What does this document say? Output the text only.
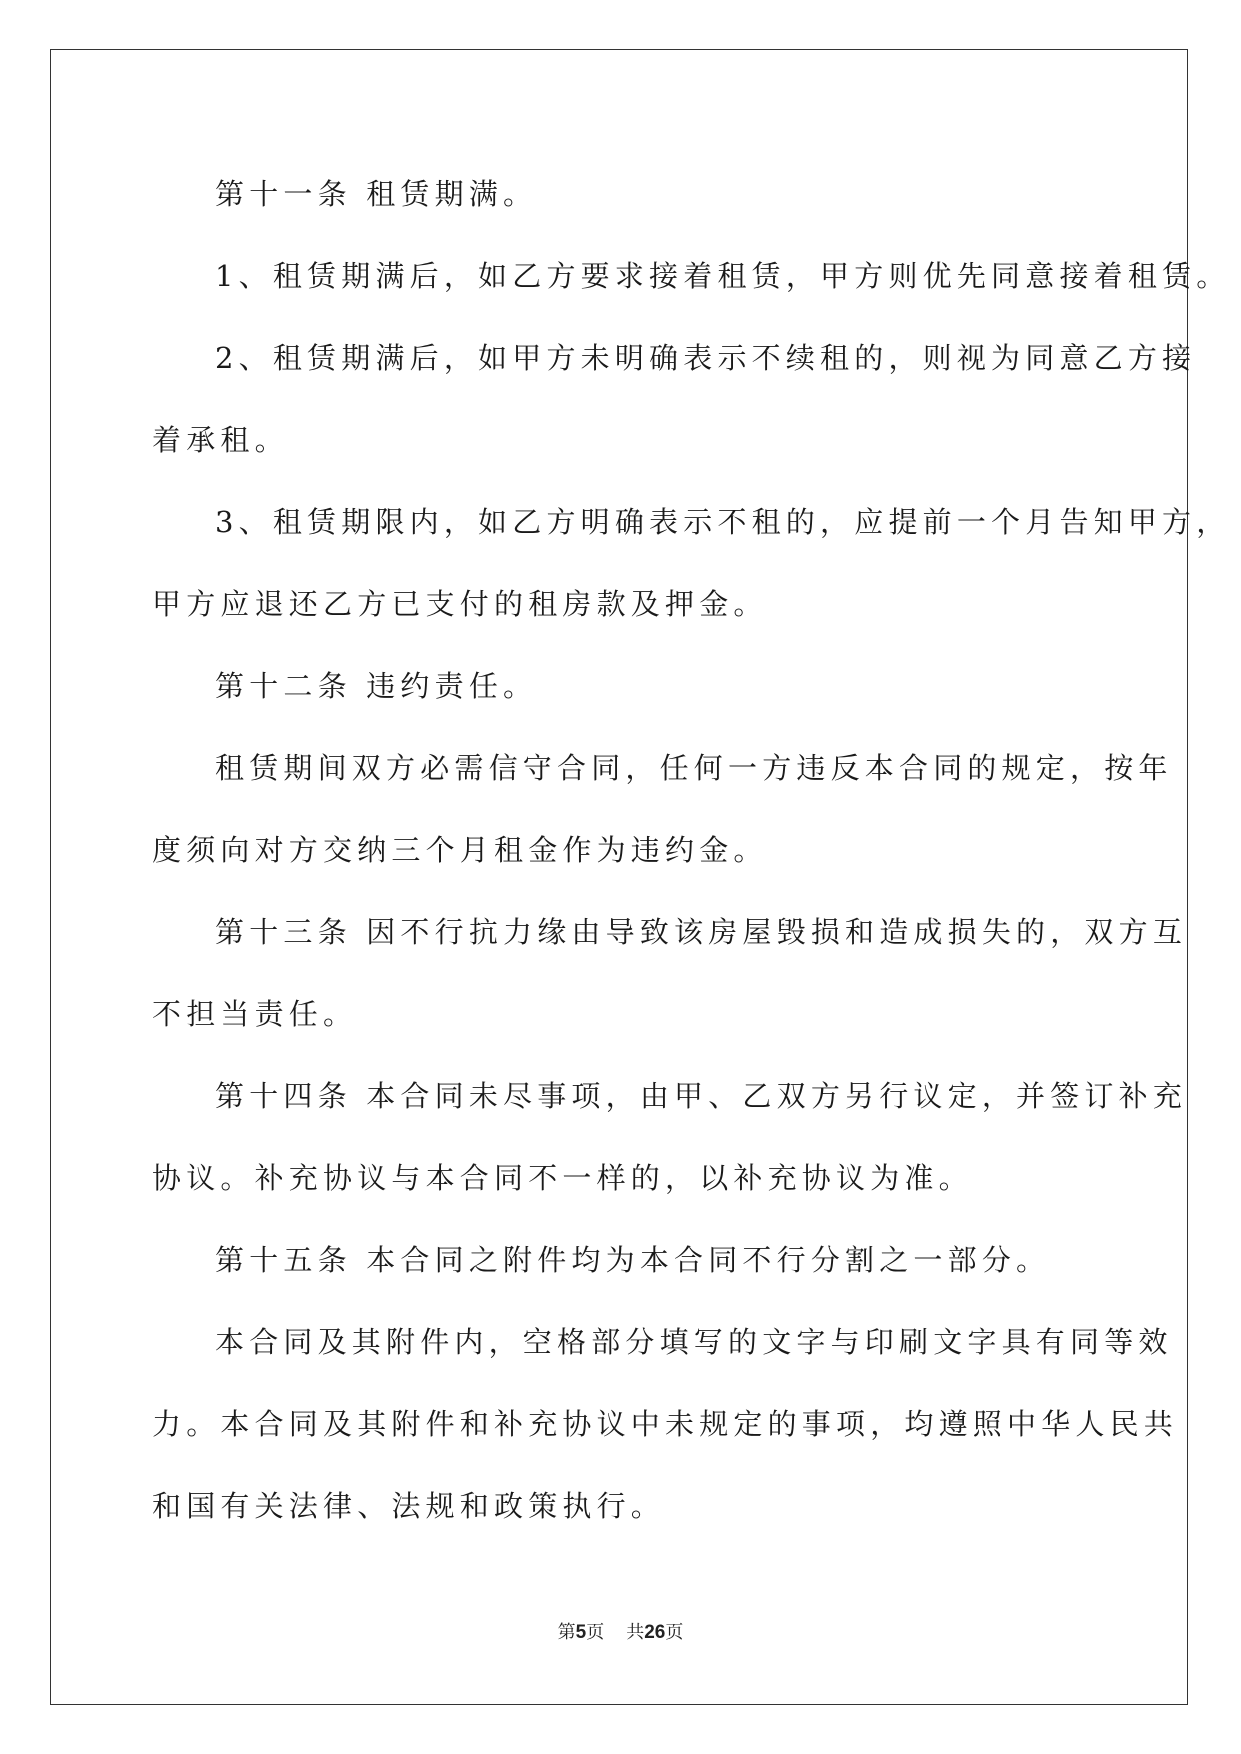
第十一条 租赁期满。
1、租赁期满后，如乙方要求接着租赁，甲方则优先同意接着租赁。
2、租赁期满后，如甲方未明确表示不续租的，则视为同意乙方接
着承租。
3、租赁期限内，如乙方明确表示不租的，应提前一个月告知甲方，
甲方应退还乙方已支付的租房款及押金。
第十二条 违约责任。
租赁期间双方必需信守合同，任何一方违反本合同的规定，按年
度须向对方交纳三个月租金作为违约金。
第十三条 因不行抗力缘由导致该房屋毁损和造成损失的，双方互
不担当责任。
第十四条 本合同未尽事项，由甲、乙双方另行议定，并签订补充
协议。补充协议与本合同不一样的，以补充协议为准。
第十五条 本合同之附件均为本合同不行分割之一部分。
本合同及其附件内，空格部分填写的文字与印刷文字具有同等效
力。本合同及其附件和补充协议中未规定的事项，均遵照中华人民共
和国有关法律、法规和政策执行。
第5页 共26页
